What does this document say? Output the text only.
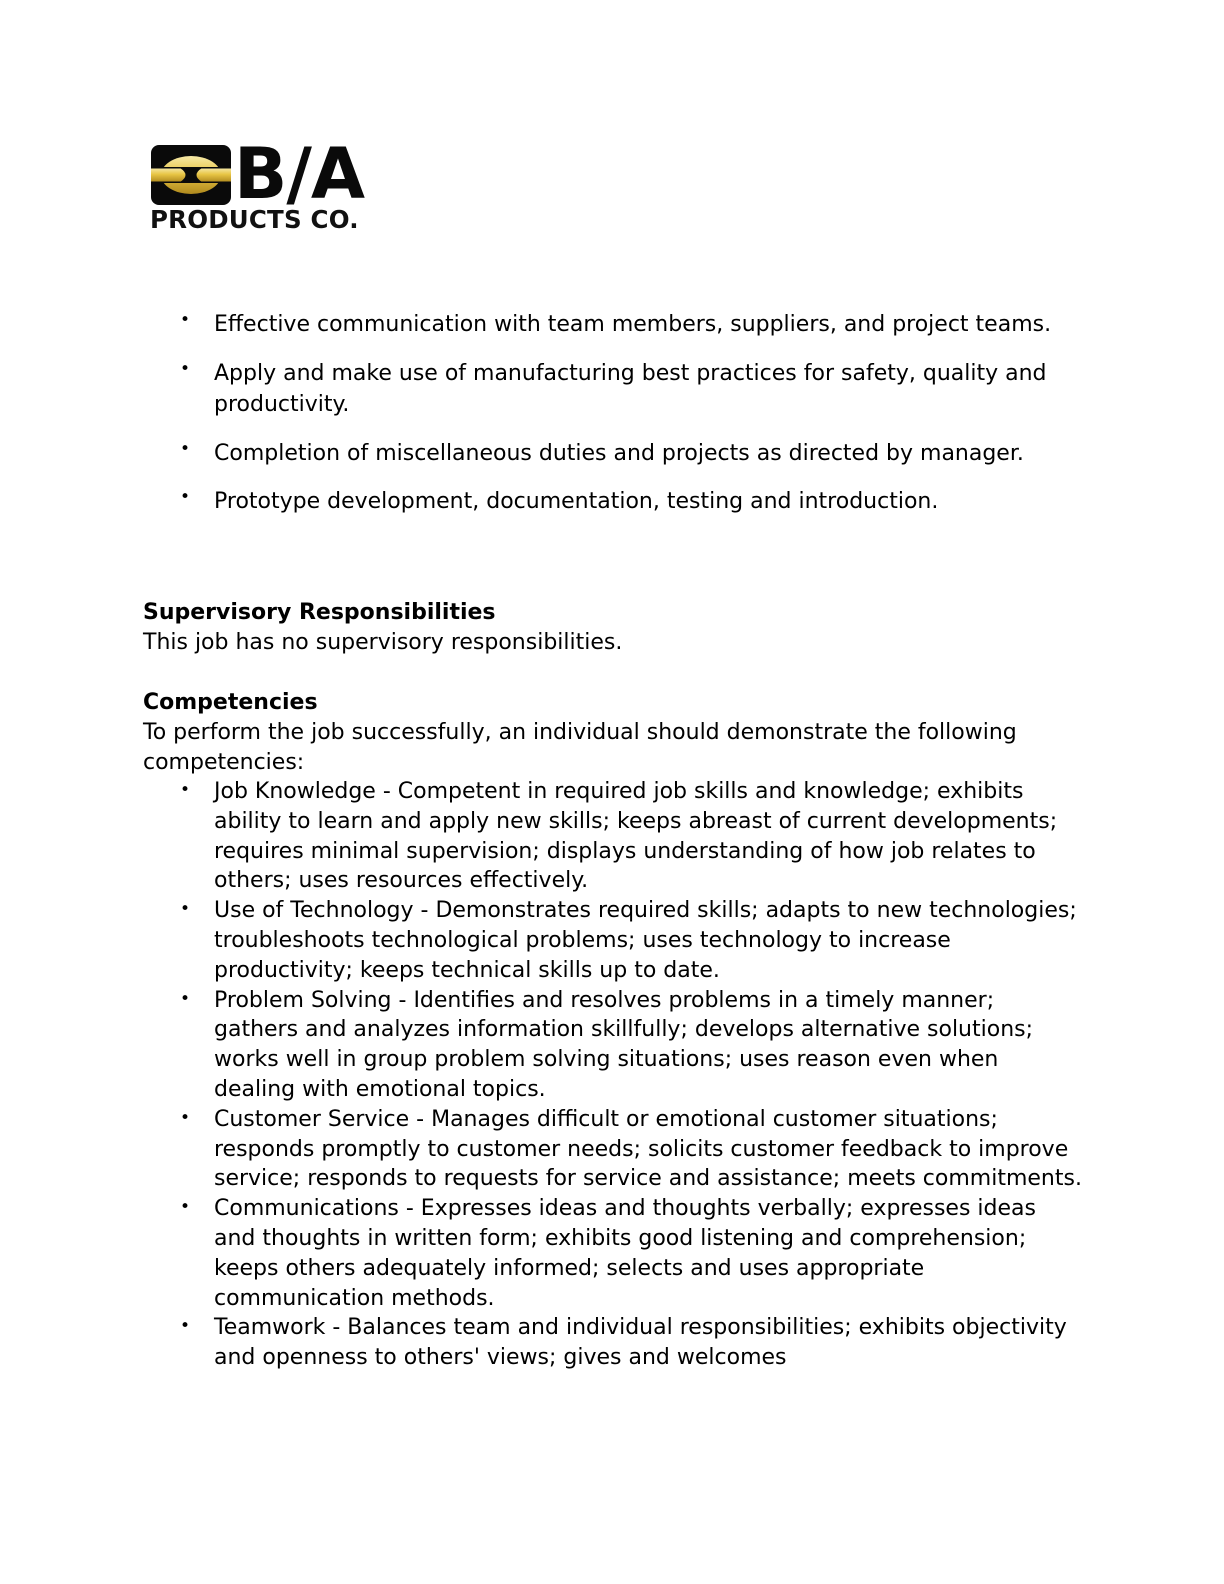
B/A
PRODUCTS CO.
• Effective communication with team members, suppliers, and project teams.
• Apply and make use of manufacturing best practices for safety, quality and productivity.
• Completion of miscellaneous duties and projects as directed by manager.
• Prototype development, documentation, testing and introduction.
Supervisory Responsibilities
This job has no supervisory responsibilities.
Competencies
To perform the job successfully, an individual should demonstrate the following competencies:
• Job Knowledge - Competent in required job skills and knowledge; exhibits ability to learn and apply new skills; keeps abreast of current developments; requires minimal supervision; displays understanding of how job relates to others; uses resources effectively.
• Use of Technology - Demonstrates required skills; adapts to new technologies; troubleshoots technological problems; uses technology to increase productivity; keeps technical skills up to date.
• Problem Solving - Identifies and resolves problems in a timely manner; gathers and analyzes information skillfully; develops alternative solutions; works well in group problem solving situations; uses reason even when dealing with emotional topics.
• Customer Service - Manages difficult or emotional customer situations; responds promptly to customer needs; solicits customer feedback to improve service; responds to requests for service and assistance; meets commitments.
• Communications - Expresses ideas and thoughts verbally; expresses ideas and thoughts in written form; exhibits good listening and comprehension; keeps others adequately informed; selects and uses appropriate communication methods.
• Teamwork - Balances team and individual responsibilities; exhibits objectivity and openness to others' views; gives and welcomes
